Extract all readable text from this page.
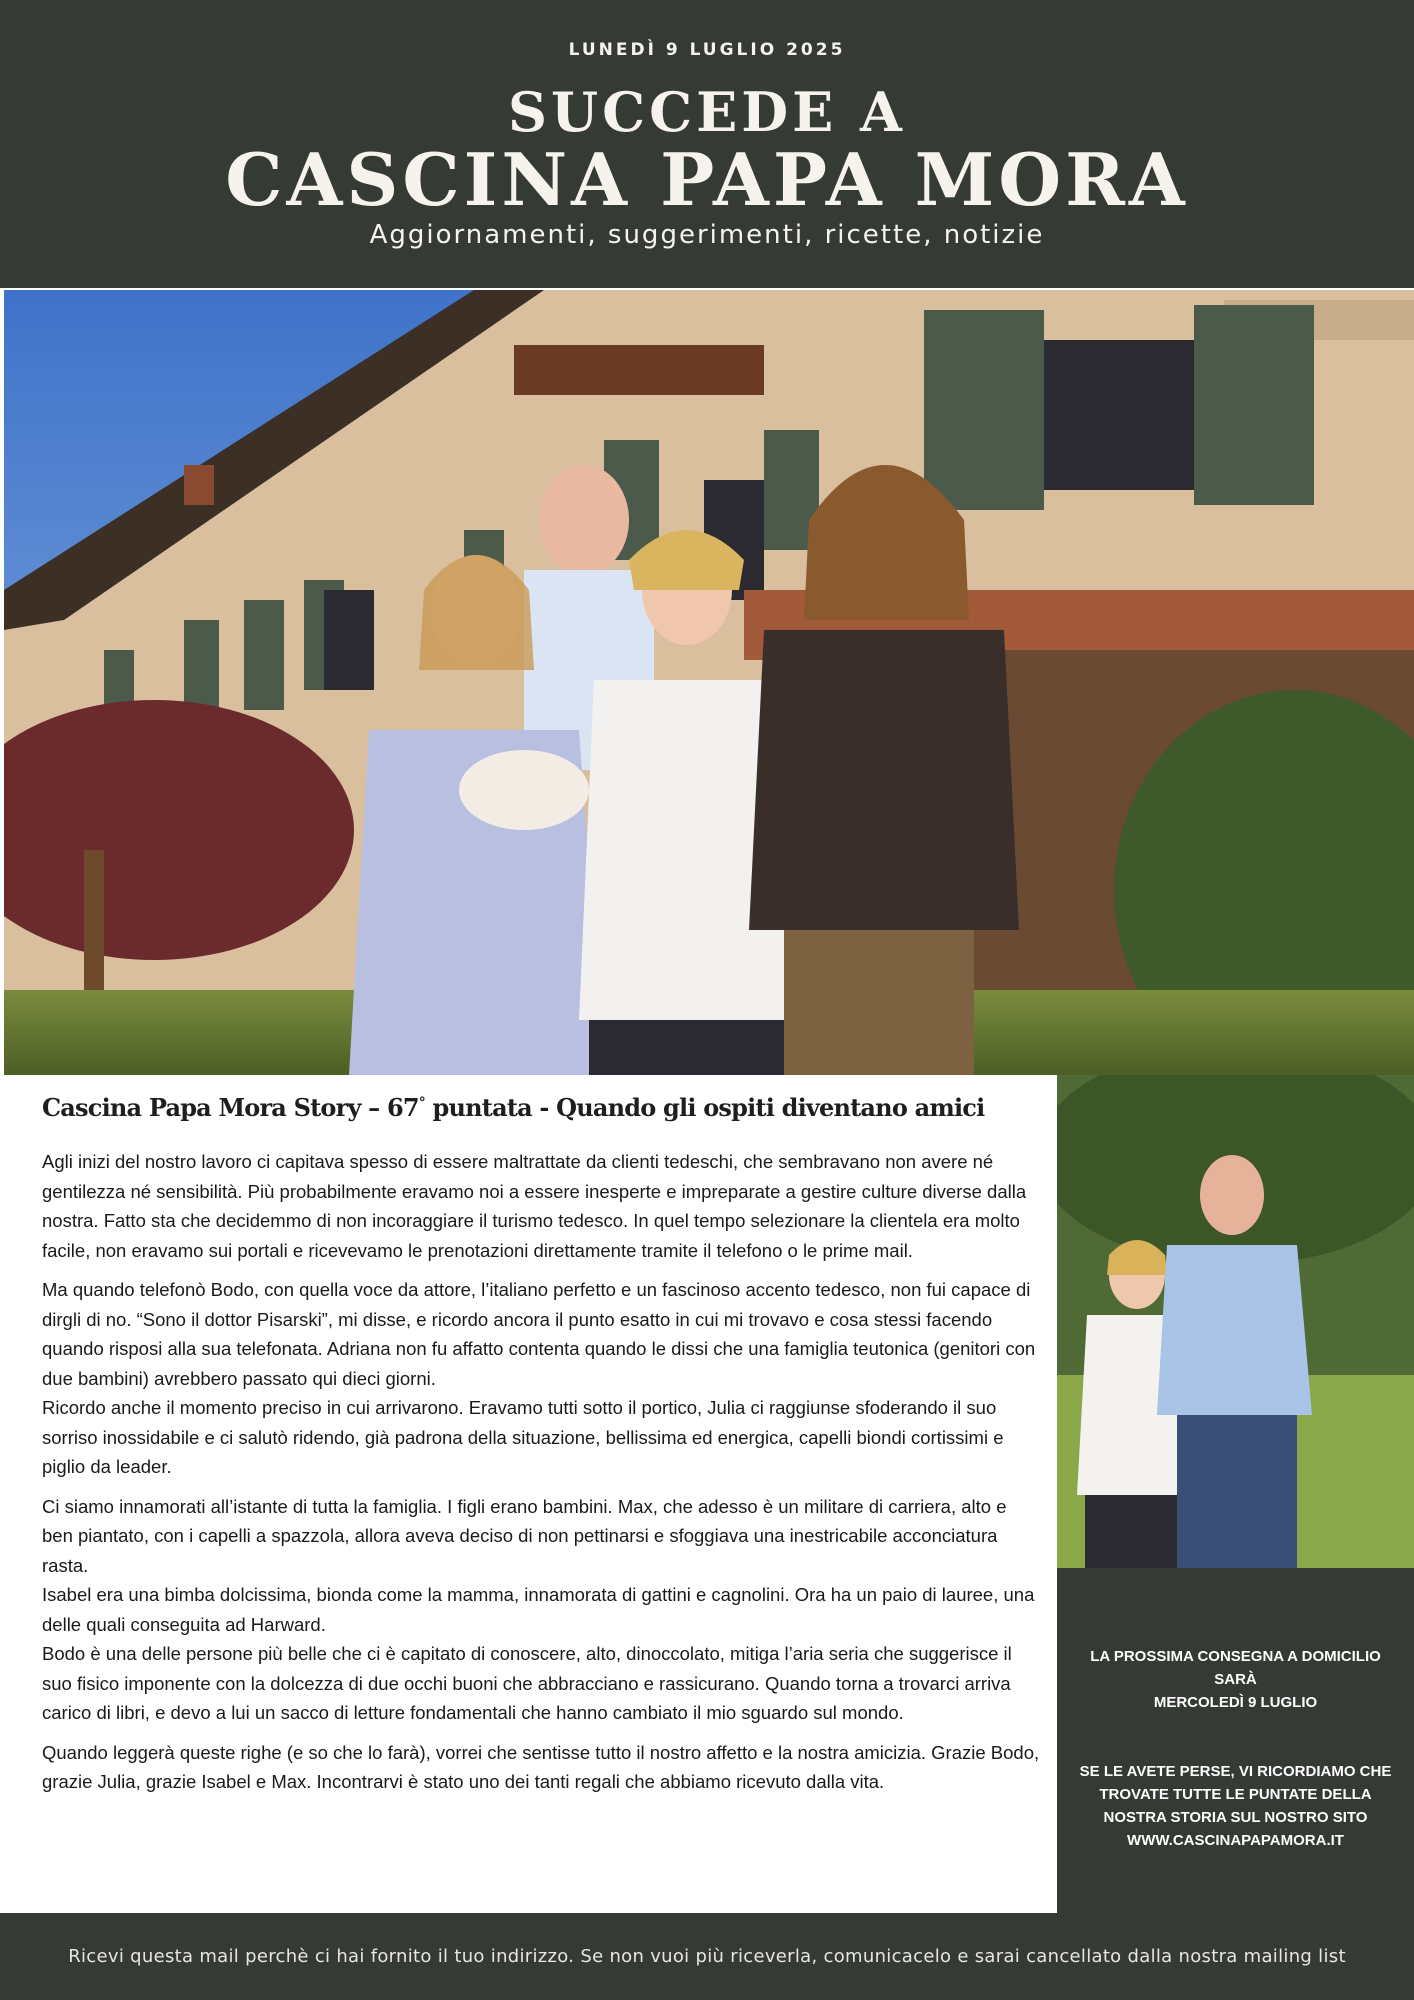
LUNEDÌ 9 LUGLIO 2025
SUCCEDE A
CASCINA PAPA MORA
Aggiornamenti, suggerimenti, ricette, notizie
Cascina Papa Mora Story – 67° puntata - Quando gli ospiti diventano amici

Agli inizi del nostro lavoro ci capitava spesso di essere maltrattate da clienti tedeschi, che sembravano non avere né gentilezza né sensibilità. Più probabilmente eravamo noi a essere inesperte e impreparate a gestire culture diverse dalla nostra. Fatto sta che decidemmo di non incoraggiare il turismo tedesco. In quel tempo selezionare la clientela era molto facile, non eravamo sui portali e ricevevamo le prenotazioni direttamente tramite il telefono o le prime mail.

Ma quando telefonò Bodo, con quella voce da attore, l’italiano perfetto e un fascinoso accento tedesco, non fui capace di dirgli di no. “Sono il dottor Pisarski”, mi disse, e ricordo ancora il punto esatto in cui mi trovavo e cosa stessi facendo quando risposi alla sua telefonata. Adriana non fu affatto contenta quando le dissi che una famiglia teutonica (genitori con due bambini) avrebbero passato qui dieci giorni.
Ricordo anche il momento preciso in cui arrivarono. Eravamo tutti sotto il portico, Julia ci raggiunse sfoderando il suo sorriso inossidabile e ci salutò ridendo, già padrona della situazione, bellissima ed energica, capelli biondi cortissimi e piglio da leader.

Ci siamo innamorati all’istante di tutta la famiglia. I figli erano bambini. Max, che adesso è un militare di carriera, alto e ben piantato, con i capelli a spazzola, allora aveva deciso di non pettinarsi e sfoggiava una inestricabile acconciatura rasta.
Isabel era una bimba dolcissima, bionda come la mamma, innamorata di gattini e cagnolini. Ora ha un paio di lauree, una delle quali conseguita ad Harward.
Bodo è una delle persone più belle che ci è capitato di conoscere, alto, dinoccolato, mitiga l’aria seria che suggerisce il suo fisico imponente con la dolcezza di due occhi buoni che abbracciano e rassicurano. Quando torna a trovarci arriva carico di libri, e devo a lui un sacco di letture fondamentali che hanno cambiato il mio sguardo sul mondo.

Quando leggerà queste righe (e so che lo farà), vorrei che sentisse tutto il nostro affetto e la nostra amicizia. Grazie Bodo, grazie Julia, grazie Isabel e Max. Incontrarvi è stato uno dei tanti regali che abbiamo ricevuto dalla vita.

LA PROSSIMA CONSEGNA A DOMICILIO SARÀ
MERCOLEDÌ 9 LUGLIO
SE LE AVETE PERSE, VI RICORDIAMO CHE TROVATE TUTTE LE PUNTATE DELLA NOSTRA STORIA SUL NOSTRO SITO WWW.CASCINAPAPAMORA.IT
Ricevi questa mail perchè ci hai fornito il tuo indirizzo. Se non vuoi più riceverla, comunicacelo e sarai cancellato dalla nostra mailing list
